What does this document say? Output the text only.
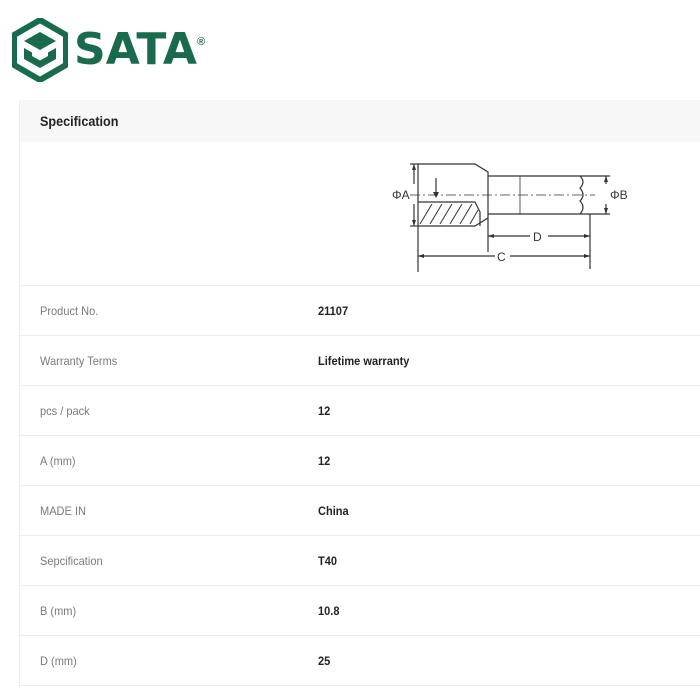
SATA ®
Specification
ΦA	ΦB
D
C
Product No.	21107
Warranty Terms	Lifetime warranty
pcs / pack	12
A (mm)	12
MADE IN	China
Sepcification	T40
B (mm)	10.8
D (mm)	25
